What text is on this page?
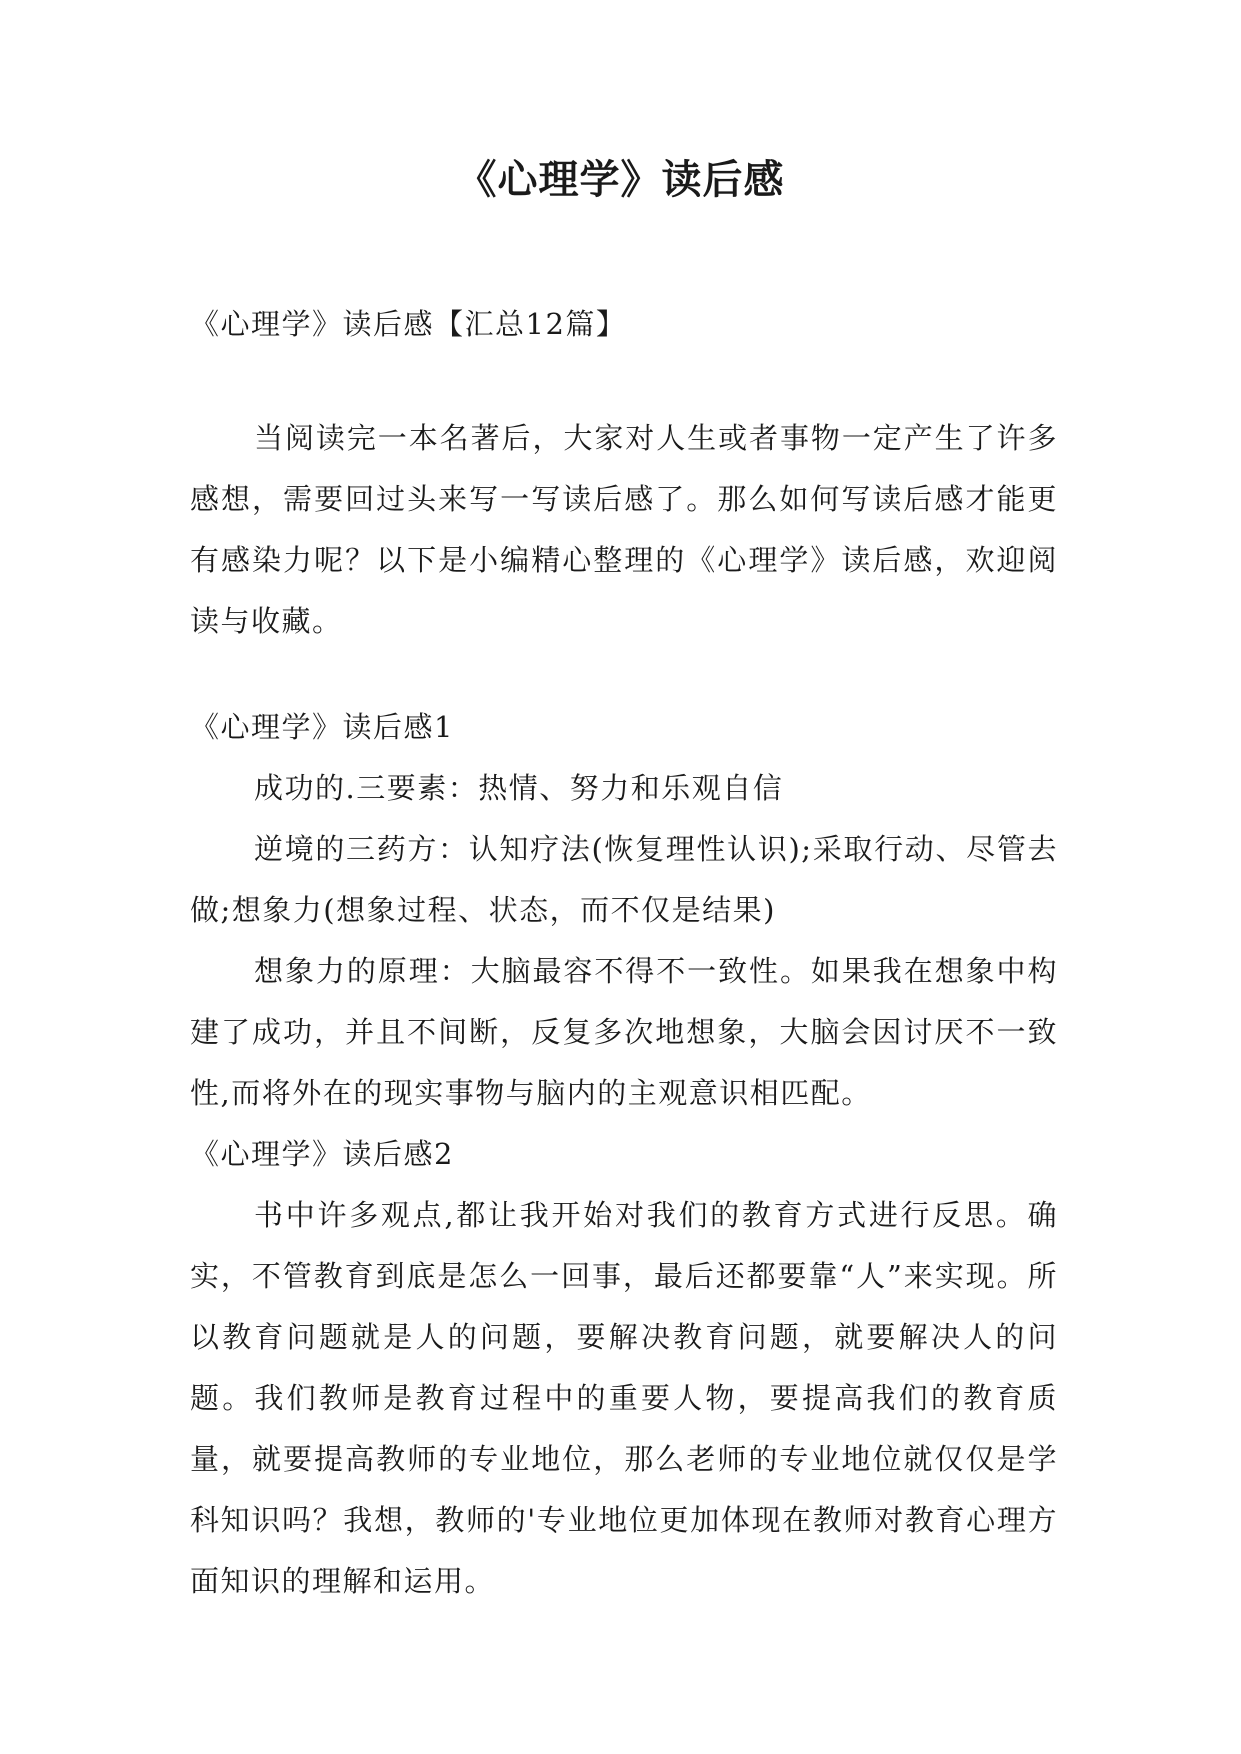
《心理学》读后感

《心理学》读后感【汇总12篇】

当阅读完一本名著后，大家对人生或者事物一定产生了许多感想，需要回过头来写一写读后感了。那么如何写读后感才能更有感染力呢？以下是小编精心整理的《心理学》读后感，欢迎阅读与收藏。

《心理学》读后感1

成功的.三要素：热情、努力和乐观自信

逆境的三药方：认知疗法(恢复理性认识);采取行动、尽管去做;想象力(想象过程、状态，而不仅是结果)

想象力的原理：大脑最容不得不一致性。如果我在想象中构建了成功，并且不间断，反复多次地想象，大脑会因讨厌不一致性,而将外在的现实事物与脑内的主观意识相匹配。

《心理学》读后感2

书中许多观点,都让我开始对我们的教育方式进行反思。确实，不管教育到底是怎么一回事，最后还都要靠“人”来实现。所以教育问题就是人的问题，要解决教育问题，就要解决人的问题。我们教师是教育过程中的重要人物，要提高我们的教育质量，就要提高教师的专业地位，那么老师的专业地位就仅仅是学科知识吗？我想，教师的'专业地位更加体现在教师对教育心理方面知识的理解和运用。
